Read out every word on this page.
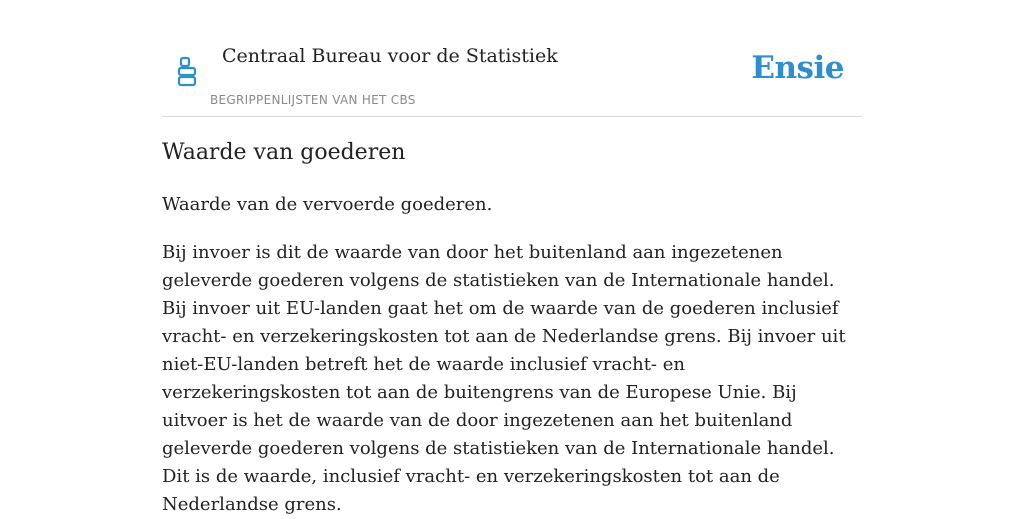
Centraal Bureau voor de Statistiek
BEGRIPPENLIJSTEN VAN HET CBS
Ensie
Waarde van goederen

Waarde van de vervoerde goederen.

Bij invoer is dit de waarde van door het buitenland aan ingezetenen geleverde goederen volgens de statistieken van de Internationale handel. Bij invoer uit EU-landen gaat het om de waarde van de goederen inclusief vracht- en verzekeringskosten tot aan de Nederlandse grens. Bij invoer uit niet-EU-landen betreft het de waarde inclusief vracht- en verzekeringskosten tot aan de buitengrens van de Europese Unie. Bij uitvoer is het de waarde van de door ingezetenen aan het buitenland geleverde goederen volgens de statistieken van de Internationale handel. Dit is de waarde, inclusief vracht- en verzekeringskosten tot aan de Nederlandse grens.
